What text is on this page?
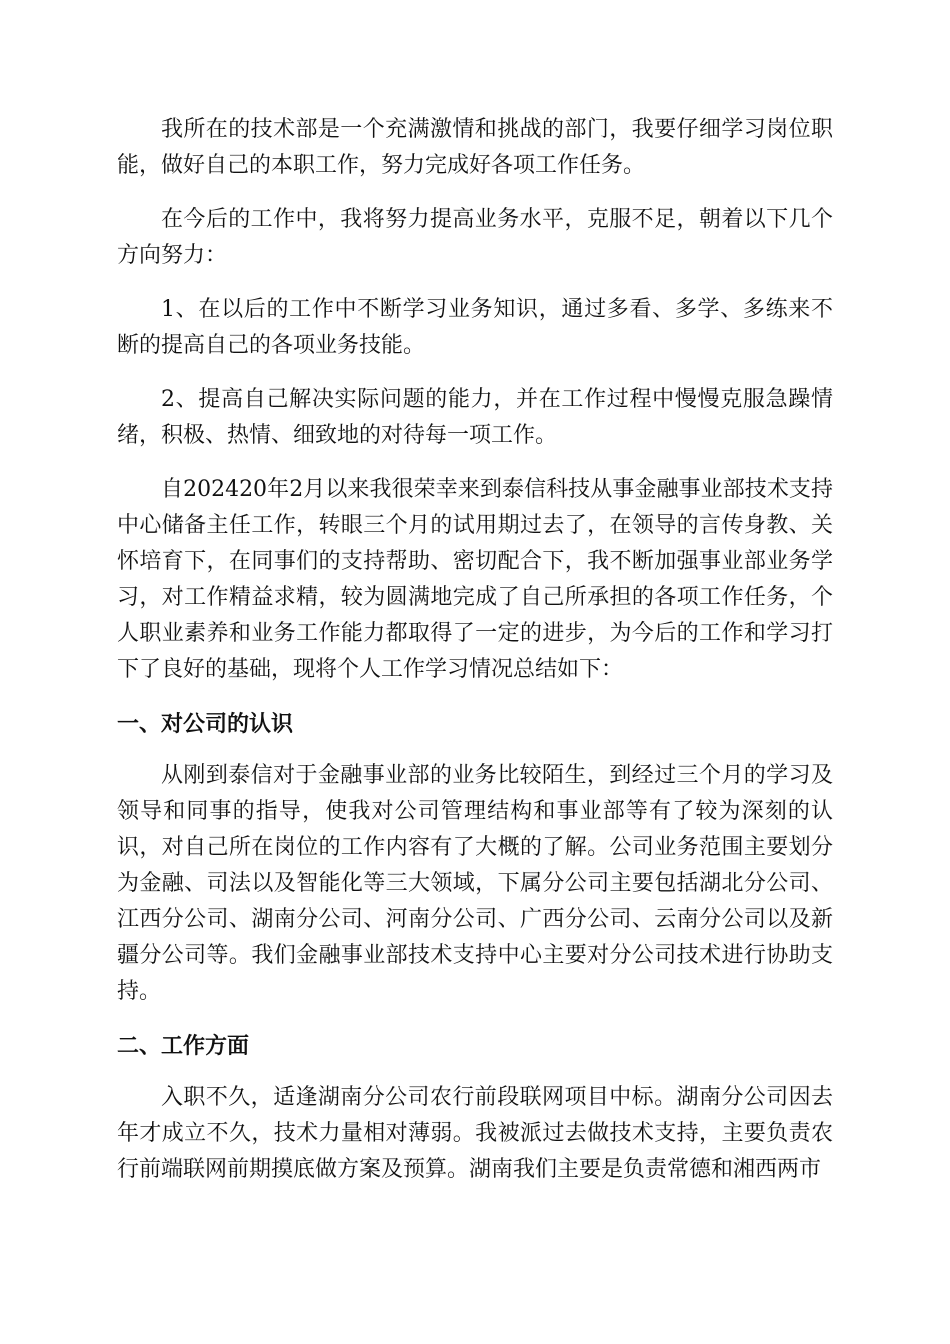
我所在的技术部是一个充满激情和挑战的部门，我要仔细学习岗位职能，做好自己的本职工作，努力完成好各项工作任务。

在今后的工作中，我将努力提高业务水平，克服不足，朝着以下几个方向努力：

1、在以后的工作中不断学习业务知识，通过多看、多学、多练来不断的提高自己的各项业务技能。

2、提高自己解决实际问题的能力，并在工作过程中慢慢克服急躁情绪，积极、热情、细致地的对待每一项工作。

自202420年2月以来我很荣幸来到泰信科技从事金融事业部技术支持中心储备主任工作，转眼三个月的试用期过去了，在领导的言传身教、关怀培育下，在同事们的支持帮助、密切配合下，我不断加强事业部业务学习，对工作精益求精，较为圆满地完成了自己所承担的各项工作任务，个人职业素养和业务工作能力都取得了一定的进步，为今后的工作和学习打下了良好的基础，现将个人工作学习情况总结如下：

一、对公司的认识

从刚到泰信对于金融事业部的业务比较陌生，到经过三个月的学习及领导和同事的指导，使我对公司管理结构和事业部等有了较为深刻的认识，对自己所在岗位的工作内容有了大概的了解。公司业务范围主要划分为金融、司法以及智能化等三大领域，下属分公司主要包括湖北分公司、江西分公司、湖南分公司、河南分公司、广西分公司、云南分公司以及新疆分公司等。我们金融事业部技术支持中心主要对分公司技术进行协助支持。

二、工作方面

入职不久，适逢湖南分公司农行前段联网项目中标。湖南分公司因去年才成立不久，技术力量相对薄弱。我被派过去做技术支持，主要负责农行前端联网前期摸底做方案及预算。湖南我们主要是负责常德和湘西两市
